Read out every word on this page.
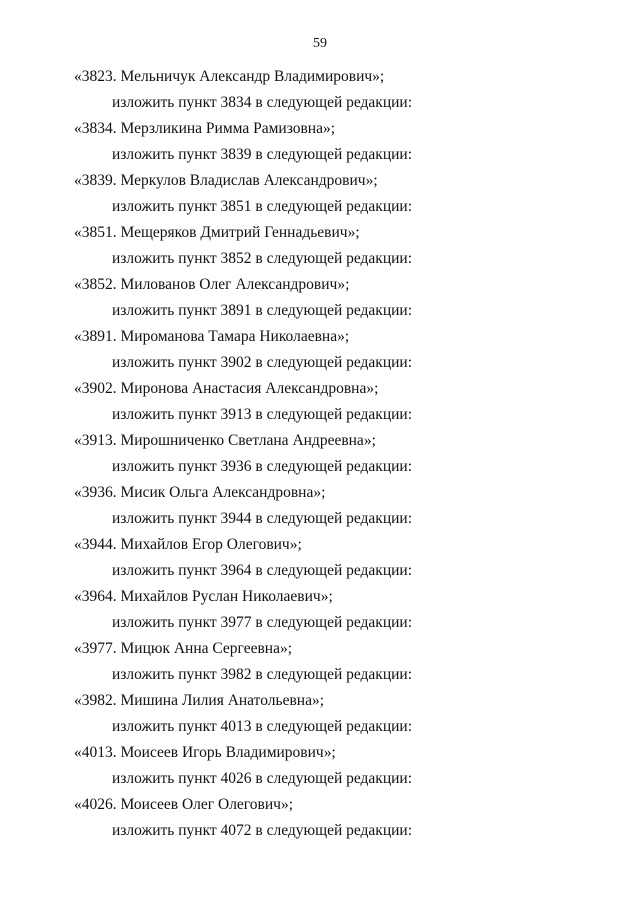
59
«3823. Мельничук Александр Владимирович»;
изложить пункт 3834 в следующей редакции:
«3834. Мерзликина Римма Рамизовна»;
изложить пункт 3839 в следующей редакции:
«3839. Меркулов Владислав Александрович»;
изложить пункт 3851 в следующей редакции:
«3851. Мещеряков Дмитрий Геннадьевич»;
изложить пункт 3852 в следующей редакции:
«3852. Милованов Олег Александрович»;
изложить пункт 3891 в следующей редакции:
«3891. Мироманова Тамара Николаевна»;
изложить пункт 3902 в следующей редакции:
«3902. Миронова Анастасия Александровна»;
изложить пункт 3913 в следующей редакции:
«3913. Мирошниченко Светлана Андреевна»;
изложить пункт 3936 в следующей редакции:
«3936. Мисик Ольга Александровна»;
изложить пункт 3944 в следующей редакции:
«3944. Михайлов Егор Олегович»;
изложить пункт 3964 в следующей редакции:
«3964. Михайлов Руслан Николаевич»;
изложить пункт 3977 в следующей редакции:
«3977. Мицюк Анна Сергеевна»;
изложить пункт 3982 в следующей редакции:
«3982. Мишина Лилия Анатольевна»;
изложить пункт 4013 в следующей редакции:
«4013. Моисеев Игорь Владимирович»;
изложить пункт 4026 в следующей редакции:
«4026. Моисеев Олег Олегович»;
изложить пункт 4072 в следующей редакции:
